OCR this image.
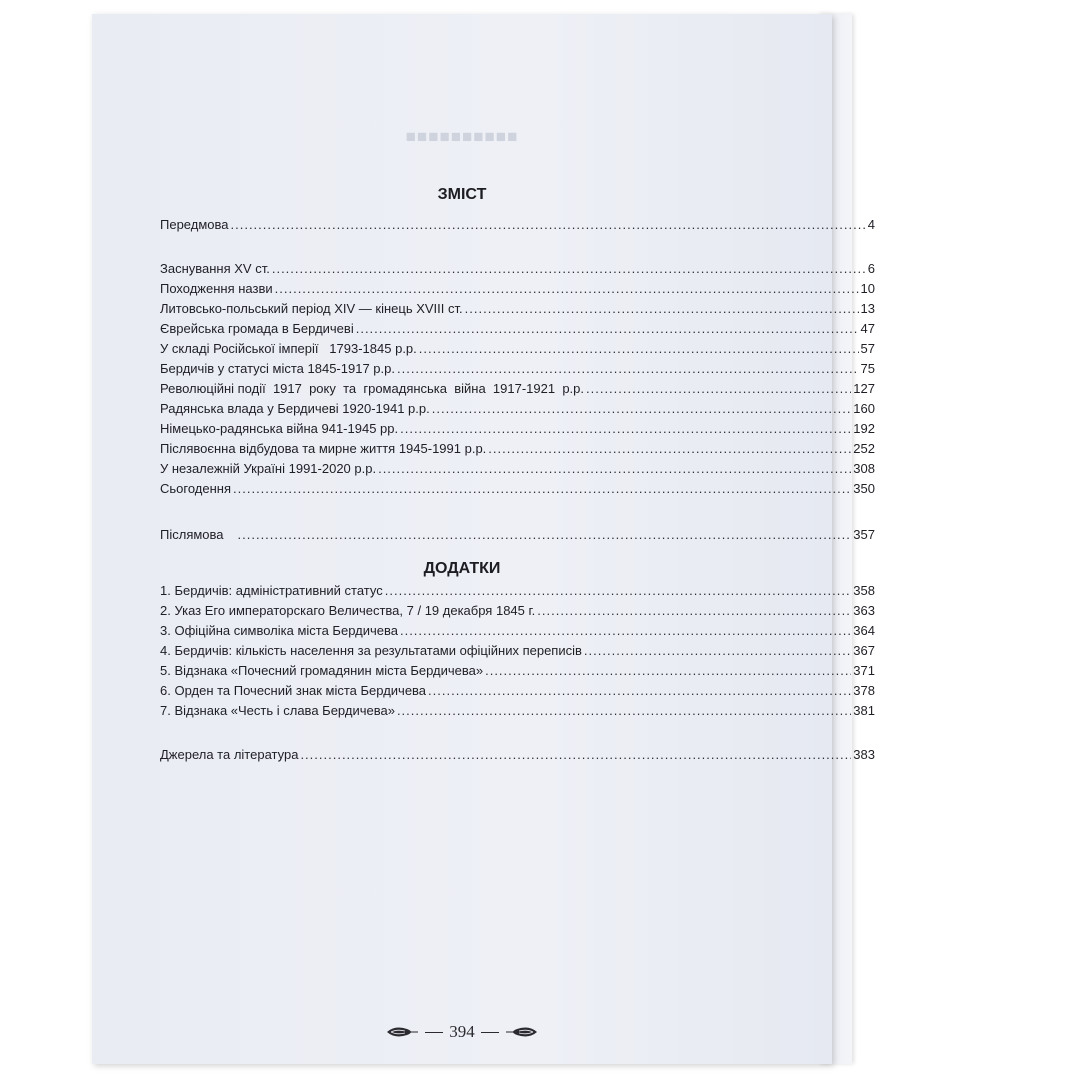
■■■■■■■■■■
ЗМІСТ
Передмова .....	4
Заснування XV ст. .....	6
Походження назви .....	10
Литовсько-польський період XIV — кінець XVIII ст. .....	13
Єврейська громада в Бердичеві .....	47
У складі Російської імперії   1793-1845 р.р. .....	57
Бердичів у статусі міста 1845-1917 р.р. .....	75
Революційні події  1917  року  та  громадянська  війна  1917-1921  р.р. .....	127
Радянська влада у Бердичеві 1920-1941 р.р. .....	160
Німецько-радянська війна 941-1945 рр. .....	192
Післявоєнна відбудова та мирне життя 1945-1991 р.р. .....	252
У незалежній Україні 1991-2020 р.р. .....	308
Сьогодення .....	350
Післямова .....	357
ДОДАТКИ
1. Бердичів: адміністративний статус .....	358
2. Указ Его императорскаго Величества, 7 / 19 декабря 1845 г. .....	363
3. Офіційна символіка міста Бердичева .....	364
4. Бердичів: кількість населення за результатами офіційних переписів .....	367
5. Відзнака «Почесний громадянин міста Бердичева» .....	371
6. Орден та Почесний знак міста Бердичева .....	378
7. Відзнака «Честь і слава Бердичева» .....	381
Джерела та література .....	383
394
